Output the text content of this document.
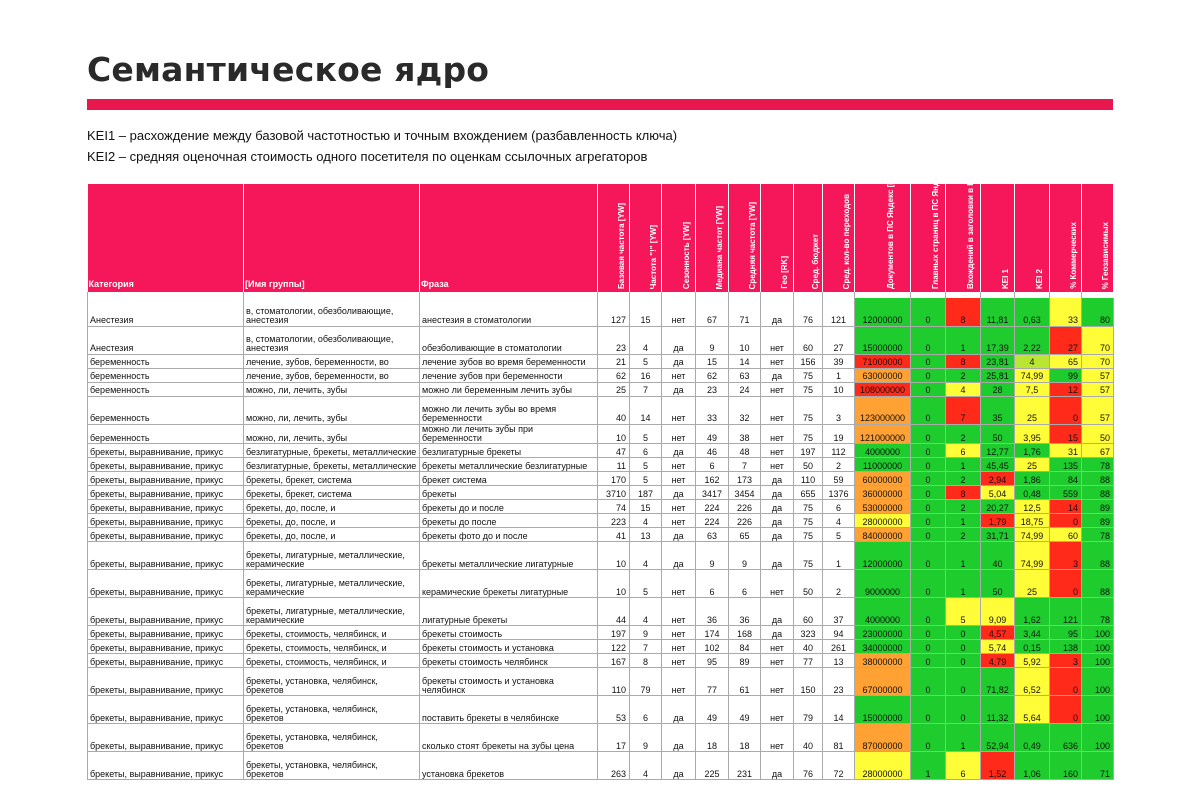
Семантическое ядро
KEI1 – расхождение между базовой частотностью и точным вхождением (разбавленность ключа)
KEI2 – средняя оценочная стоимость одного посетителя по оценкам ссылочных агрегаторов
Категория	[Имя группы]	Фраза	Базовая частота [YW]	Частота "!" [YW]	Сезонность [YW]	Медиана частот [YW]	Средняя частота [YW]	Гео [RK]	Сред. бюджет	Сред. кол-во переходов	Документов в ПС Яндекс [KEI]	Главных страниц в ПС Яндекс [KEI]	Вхождений в заголовки в ПС Яндекс [KEI]	KEI 1	KEI 2	% Коммерческих	% Геозависимых

Анестезия	в, стоматологии, обезболивающие, анестезия	анестезия в стоматологии	127	15	нет	67	71	да	76	121	12000000	0	8	11,81	0,63	33	80
Анестезия	в, стоматологии, обезболивающие, анестезия	обезболивающие в стоматологии	23	4	да	9	10	нет	60	27	15000000	0	1	17,39	2,22	27	70
беременность	лечение, зубов, беременности, во	лечение зубов во время беременности	21	5	да	15	14	нет	156	39	71000000	0	8	23,81	4	65	70
беременность	лечение, зубов, беременности, во	лечение зубов при беременности	62	16	нет	62	63	да	75	1	63000000	0	2	25,81	74,99	99	57
беременность	можно, ли, лечить, зубы	можно ли беременным лечить зубы	25	7	да	23	24	нет	75	10	108000000	0	4	28	7,5	12	57
беременность	можно, ли, лечить, зубы	можно ли лечить зубы во время беременности	40	14	нет	33	32	нет	75	3	123000000	0	7	35	25	0	57
беременность	можно, ли, лечить, зубы	можно ли лечить зубы при беременности	10	5	нет	49	38	нет	75	19	121000000	0	2	50	3,95	15	50
брекеты, выравнивание, прикус	безлигатурные, брекеты, металлические	безлигатурные брекеты	47	6	да	46	48	нет	197	112	4000000	0	6	12,77	1,76	31	67
брекеты, выравнивание, прикус	безлигатурные, брекеты, металлические	брекеты металлические безлигатурные	11	5	нет	6	7	нет	50	2	11000000	0	1	45,45	25	135	78
брекеты, выравнивание, прикус	брекеты, брекет, система	брекет система	170	5	нет	162	173	да	110	59	60000000	0	2	2,94	1,86	84	88
брекеты, выравнивание, прикус	брекеты, брекет, система	брекеты	3710	187	да	3417	3454	да	655	1376	36000000	0	8	5,04	0,48	559	88
брекеты, выравнивание, прикус	брекеты, до, после, и	брекеты до и после	74	15	нет	224	226	да	75	6	53000000	0	2	20,27	12,5	14	89
брекеты, выравнивание, прикус	брекеты, до, после, и	брекеты до после	223	4	нет	224	226	да	75	4	28000000	0	1	1,79	18,75	0	89
брекеты, выравнивание, прикус	брекеты, до, после, и	брекеты фото до и после	41	13	да	63	65	да	75	5	84000000	0	2	31,71	74,99	60	78
брекеты, выравнивание, прикус	брекеты, лигатурные, металлические, керамические	брекеты металлические лигатурные	10	4	да	9	9	да	75	1	12000000	0	1	40	74,99	3	88
брекеты, выравнивание, прикус	брекеты, лигатурные, металлические, керамические	керамические брекеты лигатурные	10	5	нет	6	6	нет	50	2	9000000	0	1	50	25	0	88
брекеты, выравнивание, прикус	брекеты, лигатурные, металлические, керамические	лигатурные брекеты	44	4	нет	36	36	да	60	37	4000000	0	5	9,09	1,62	121	78
брекеты, выравнивание, прикус	брекеты, стоимость, челябинск, и	брекеты стоимость	197	9	нет	174	168	да	323	94	23000000	0	0	4,57	3,44	95	100
брекеты, выравнивание, прикус	брекеты, стоимость, челябинск, и	брекеты стоимость и установка	122	7	нет	102	84	нет	40	261	34000000	0	0	5,74	0,15	138	100
брекеты, выравнивание, прикус	брекеты, стоимость, челябинск, и	брекеты стоимость челябинск	167	8	нет	95	89	нет	77	13	38000000	0	0	4,79	5,92	3	100
брекеты, выравнивание, прикус	брекеты, установка, челябинск, брекетов	брекеты стоимость и установка челябинск	110	79	нет	77	61	нет	150	23	67000000	0	0	71,82	6,52	0	100
брекеты, выравнивание, прикус	брекеты, установка, челябинск, брекетов	поставить брекеты в челябинске	53	6	да	49	49	нет	79	14	15000000	0	0	11,32	5,64	0	100
брекеты, выравнивание, прикус	брекеты, установка, челябинск, брекетов	сколько стоят брекеты на зубы цена	17	9	да	18	18	нет	40	81	87000000	0	1	52,94	0,49	636	100
брекеты, выравнивание, прикус	брекеты, установка, челябинск, брекетов	установка брекетов	263	4	да	225	231	да	76	72	28000000	1	6	1,52	1,06	160	71
